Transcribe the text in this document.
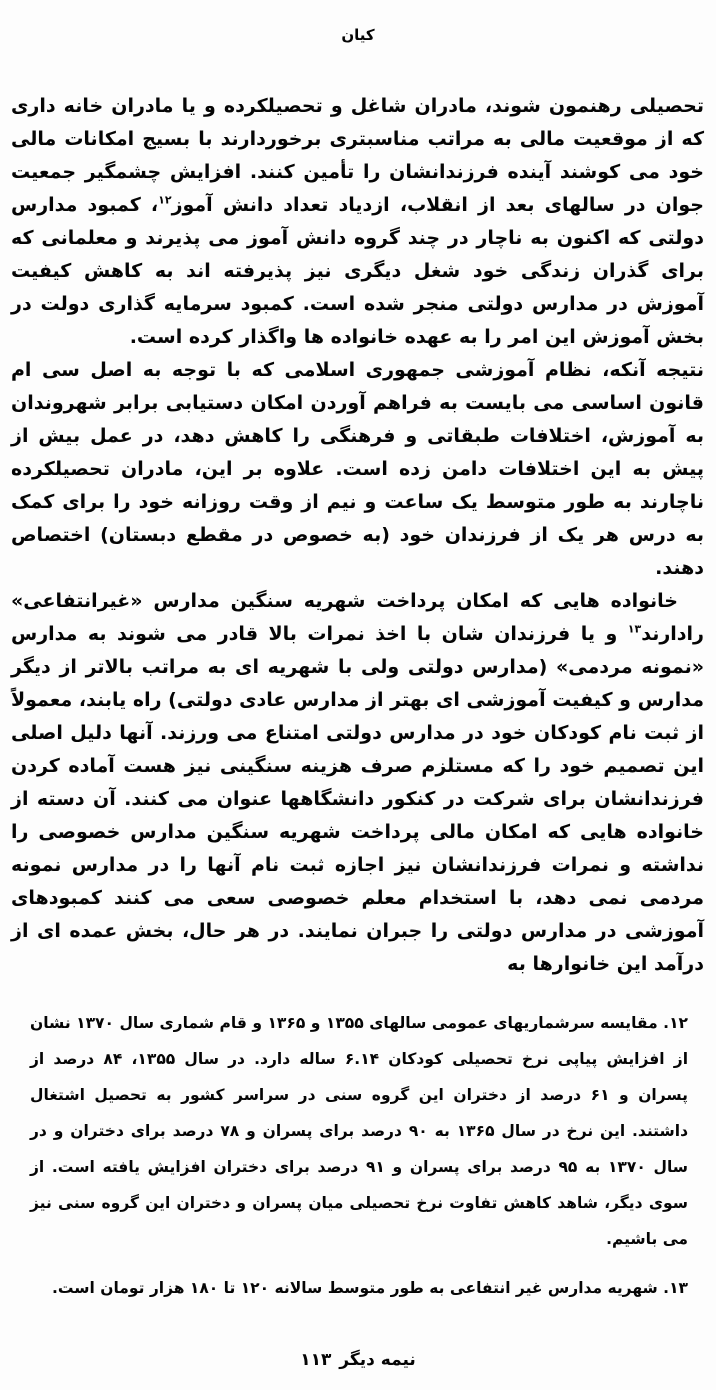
کیان

تحصیلی رهنمون شوند، مادران شاغل و تحصیلکرده و یا مادران خانه داری که از موقعیت مالی به مراتب مناسبتری برخوردارند با بسیج امکانات مالی خود می کوشند آینده فرزندانشان را تأمین کنند. افزایش چشمگیر جمعیت جوان در سالهای بعد از انقلاب، ازدیاد تعداد دانش آموز$^{۱۲}$، کمبود مدارس دولتی که اکنون به ناچار در چند گروه دانش آموز می پذیرند و معلمانی که برای گذران زندگی خود شغل دیگری نیز پذیرفته اند به کاهش کیفیت آموزش در مدارس دولتی منجر شده است. کمبود سرمایه گذاری دولت در بخش آموزش این امر را به عهده خانواده ها واگذار کرده است.

نتیجه آنکه، نظام آموزشی جمهوری اسلامی که با توجه به اصل سی ام قانون اساسی می بایست به فراهم آوردن امکان دستیابی برابر شهروندان به آموزش، اختلافات طبقاتی و فرهنگی را کاهش دهد، در عمل بیش از پیش به این اختلافات دامن زده است. علاوه بر این، مادران تحصیلکرده ناچارند به طور متوسط یک ساعت و نیم از وقت روزانه خود را برای کمک به درس هر یک از فرزندان خود (به خصوص در مقطع دبستان) اختصاص دهند.

خانواده هایی که امکان پرداخت شهریه سنگین مدارس «غیرانتفاعی» رادارند$^{۱۳}$ و یا فرزندان شان با اخذ نمرات بالا قادر می شوند به مدارس «نمونه مردمی» (مدارس دولتی ولی با شهریه ای به مراتب بالاتر از دیگر مدارس و کیفیت آموزشی ای بهتر از مدارس عادی دولتی) راه یابند، معمولاً از ثبت نام کودکان خود در مدارس دولتی امتناع می ورزند. آنها دلیل اصلی این تصمیم خود را که مستلزم صرف هزینه سنگینی نیز هست آماده کردن فرزندانشان برای شرکت در کنکور دانشگاهها عنوان می کنند. آن دسته از خانواده هایی که امکان مالی پرداخت شهریه سنگین مدارس خصوصی را نداشته و نمرات فرزندانشان نیز اجازه ثبت نام آنها را در مدارس نمونه مردمی نمی دهد، با استخدام معلم خصوصی سعی می کنند کمبودهای آموزشی در مدارس دولتی را جبران نمایند. در هر حال، بخش عمده ای از درآمد این خانوارها به

۱۲. مقایسه سرشماریهای عمومی سالهای ۱۳۵۵ و ۱۳۶۵ و قام شماری سال ۱۳۷۰ نشان از افزایش پیاپی نرخ تحصیلی کودکان ۶.۱۴ ساله دارد. در سال ۱۳۵۵، ۸۴ درصد از پسران و ۶۱ درصد از دختران این گروه سنی در سراسر کشور به تحصیل اشتغال داشتند. این نرخ در سال ۱۳۶۵ به ۹۰ درصد برای پسران و ۷۸ درصد برای دختران و در سال ۱۳۷۰ به ۹۵ درصد برای پسران و ۹۱ درصد برای دختران افزایش یافته است. از سوی دیگر، شاهد کاهش تفاوت نرخ تحصیلی میان پسران و دختران این گروه سنی نیز می باشیم.

۱۳. شهریه مدارس غیر انتفاعی به طور متوسط سالانه ۱۲۰ تا ۱۸۰ هزار تومان است.

نیمه دیگر ۱۱۳
